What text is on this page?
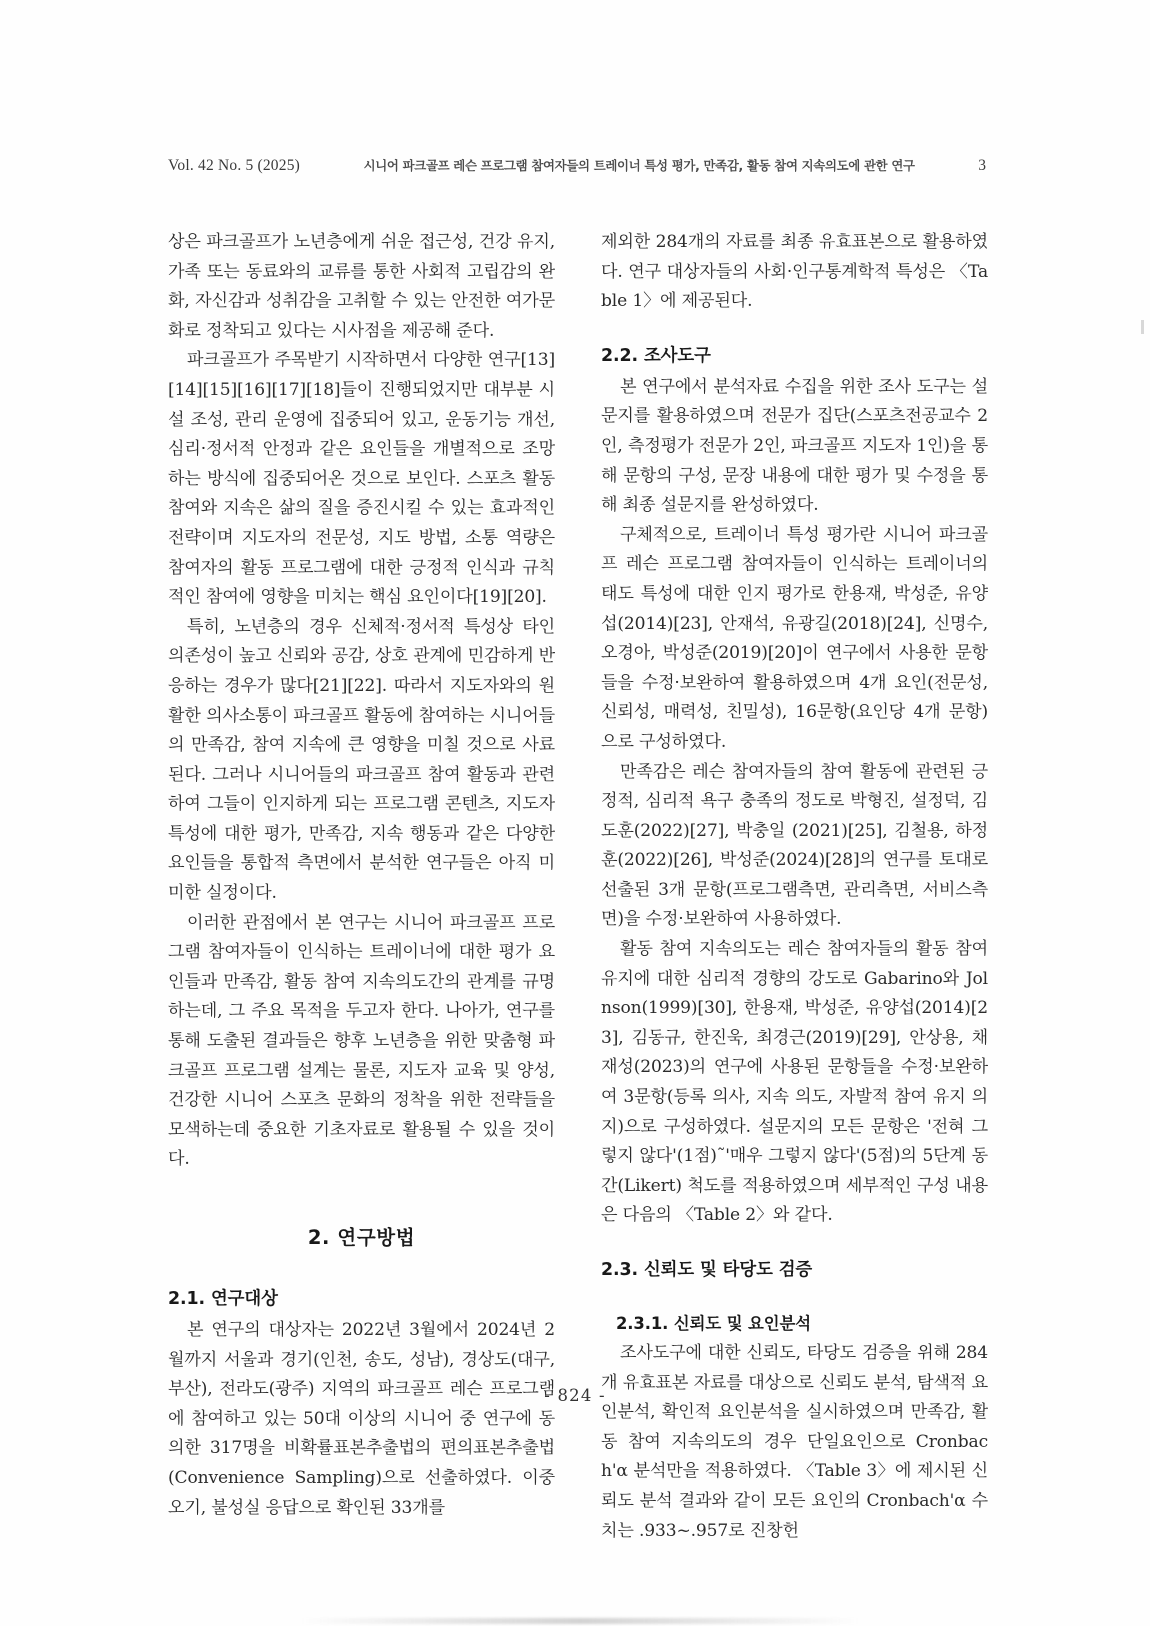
Vol. 42 No. 5 (2025)	시니어 파크골프 레슨 프로그램 참여자들의 트레이너 특성 평가, 만족감, 활동 참여 지속의도에 관한 연구	3

상은 파크골프가 노년층에게 쉬운 접근성, 건강 유지, 가족 또는 동료와의 교류를 통한 사회적 고립감의 완화, 자신감과 성취감을 고취할 수 있는 안전한 여가문화로 정착되고 있다는 시사점을 제공해 준다.

파크골프가 주목받기 시작하면서 다양한 연구[13][14][15][16][17][18]들이 진행되었지만 대부분 시설 조성, 관리 운영에 집중되어 있고, 운동기능 개선, 심리·정서적 안정과 같은 요인들을 개별적으로 조망하는 방식에 집중되어온 것으로 보인다. 스포츠 활동 참여와 지속은 삶의 질을 증진시킬 수 있는 효과적인 전략이며 지도자의 전문성, 지도 방법, 소통 역량은 참여자의 활동 프로그램에 대한 긍정적 인식과 규칙적인 참여에 영향을 미치는 핵심 요인이다[19][20].

특히, 노년층의 경우 신체적·정서적 특성상 타인 의존성이 높고 신뢰와 공감, 상호 관계에 민감하게 반응하는 경우가 많다[21][22]. 따라서 지도자와의 원활한 의사소통이 파크골프 활동에 참여하는 시니어들의 만족감, 참여 지속에 큰 영향을 미칠 것으로 사료 된다. 그러나 시니어들의 파크골프 참여 활동과 관련하여 그들이 인지하게 되는 프로그램 콘텐츠, 지도자 특성에 대한 평가, 만족감, 지속 행동과 같은 다양한 요인들을 통합적 측면에서 분석한 연구들은 아직 미미한 실정이다.

이러한 관점에서 본 연구는 시니어 파크골프 프로그램 참여자들이 인식하는 트레이너에 대한 평가 요인들과 만족감, 활동 참여 지속의도간의 관계를 규명하는데, 그 주요 목적을 두고자 한다. 나아가, 연구를 통해 도출된 결과들은 향후 노년층을 위한 맞춤형 파크골프 프로그램 설계는 물론, 지도자 교육 및 양성, 건강한 시니어 스포츠 문화의 정착을 위한 전략들을 모색하는데 중요한 기초자료로 활용될 수 있을 것이다.

2. 연구방법
2.1. 연구대상

본 연구의 대상자는 2022년 3월에서 2024년 2월까지 서울과 경기(인천, 송도, 성남), 경상도(대구, 부산), 전라도(광주) 지역의 파크골프 레슨 프로그램에 참여하고 있는 50대 이상의 시니어 중 연구에 동의한 317명을 비확률표본추출법의 편의표본추출법(Convenience Sampling)으로 선출하였다. 이중 오기, 불성실 응답으로 확인된 33개를

제외한 284개의 자료를 최종 유효표본으로 활용하였다. 연구 대상자들의 사회·인구통계학적 특성은 〈Table 1〉에 제공된다.

2.2. 조사도구

본 연구에서 분석자료 수집을 위한 조사 도구는 설문지를 활용하였으며 전문가 집단(스포츠전공교수 2인, 측정평가 전문가 2인, 파크골프 지도자 1인)을 통해 문항의 구성, 문장 내용에 대한 평가 및 수정을 통해 최종 설문지를 완성하였다.

구체적으로, 트레이너 특성 평가란 시니어 파크골프 레슨 프로그램 참여자들이 인식하는 트레이너의 태도 특성에 대한 인지 평가로 한용재, 박성준, 유양섭(2014)[23], 안재석, 유광길(2018)[24], 신명수, 오경아, 박성준(2019)[20]이 연구에서 사용한 문항들을 수정·보완하여 활용하였으며 4개 요인(전문성, 신뢰성, 매력성, 친밀성), 16문항(요인당 4개 문항)으로 구성하였다.

만족감은 레슨 참여자들의 참여 활동에 관련된 긍정적, 심리적 욕구 충족의 정도로 박형진, 설정덕, 김도훈(2022)[27], 박충일 (2021)[25], 김철용, 하정훈(2022)[26], 박성준(2024)[28]의 연구를 토대로 선출된 3개 문항(프로그램측면, 관리측면, 서비스측면)을 수정·보완하여 사용하였다.

활동 참여 지속의도는 레슨 참여자들의 활동 참여 유지에 대한 심리적 경향의 강도로 Gabarino와 Jolnson(1999)[30], 한용재, 박성준, 유양섭(2014)[23], 김동규, 한진욱, 최경근(2019)[29], 안상용, 채재성(2023)의 연구에 사용된 문항들을 수정·보완하여 3문항(등록 의사, 지속 의도, 자발적 참여 유지 의지)으로 구성하였다. 설문지의 모든 문항은 '전혀 그렇지 않다'(1점)˜'매우 그렇지 않다'(5점)의 5단계 동간(Likert) 척도를 적용하였으며 세부적인 구성 내용은 다음의 〈Table 2〉와 같다.

2.3. 신뢰도 및 타당도 검증
2.3.1. 신뢰도 및 요인분석

조사도구에 대한 신뢰도, 타당도 검증을 위해 284개 유효표본 자료를 대상으로 신뢰도 분석, 탐색적 요인분석, 확인적 요인분석을 실시하였으며 만족감, 활동 참여 지속의도의 경우 단일요인으로 Cronbach'α 분석만을 적용하였다. 〈Table 3〉에 제시된 신뢰도 분석 결과와 같이 모든 요인의 Cronbach'α 수치는 .933~.957로 진창헌

- 824 -
